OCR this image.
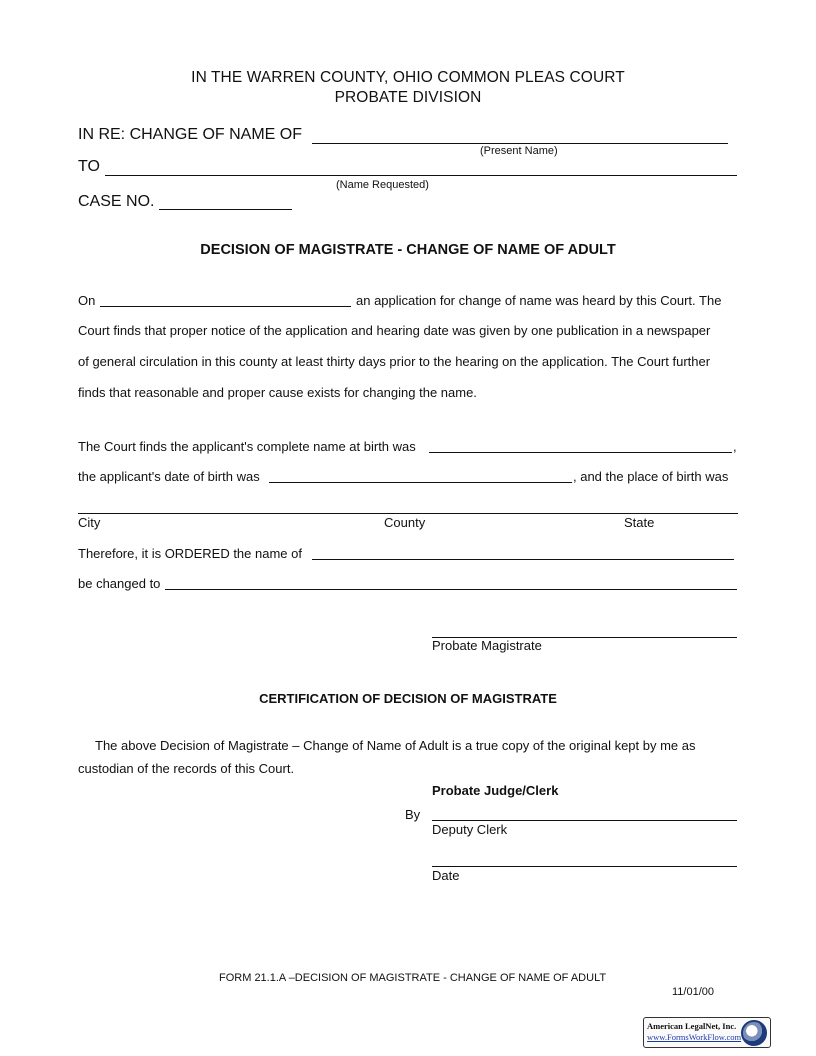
IN THE WARREN COUNTY, OHIO COMMON PLEAS COURT
PROBATE DIVISION
IN RE: CHANGE OF NAME OF
(Present Name)
TO
(Name Requested)
CASE NO.
DECISION OF MAGISTRATE - CHANGE OF NAME OF ADULT
On	an application for change of name was heard by this Court. The
Court finds that proper notice of the application and hearing date was given by one publication in a newspaper
of general circulation in this county at least thirty days prior to the hearing on the application. The Court further
finds that reasonable and proper cause exists for changing the name.
The Court finds the applicant's complete name at birth was	,
the applicant's date of birth was	, and the place of birth was
City	County	State
Therefore, it is ORDERED the name of
be changed to
Probate Magistrate
CERTIFICATION OF DECISION OF MAGISTRATE
The above Decision of Magistrate – Change of Name of Adult is a true copy of the original kept by me as
custodian of the records of this Court.
Probate Judge/Clerk
By
Deputy Clerk
Date
FORM 21.1.A –DECISION OF MAGISTRATE - CHANGE OF NAME OF ADULT
11/01/00
American LegalNet, Inc.
www.FormsWorkFlow.com
